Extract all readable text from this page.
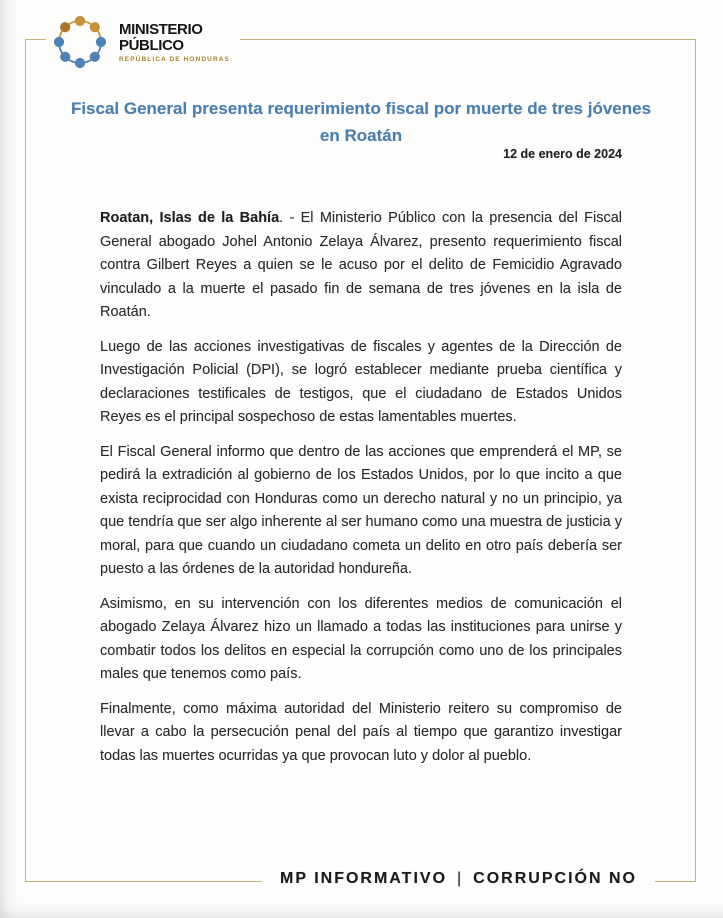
MINISTERIO
PÚBLICO
REPÚBLICA DE HONDURAS
Fiscal General presenta requerimiento fiscal por muerte de tres jóvenes en Roatán
12 de enero de 2024

Roatan, Islas de la Bahía. - El Ministerio Público con la presencia del Fiscal General abogado Johel Antonio Zelaya Álvarez, presento requerimiento fiscal contra Gilbert Reyes a quien se le acuso por el delito de Femicidio Agravado vinculado a la muerte el pasado fin de semana de tres jóvenes en la isla de Roatán.

Luego de las acciones investigativas de fiscales y agentes de la Dirección de Investigación Policial (DPI), se logró establecer mediante prueba científica y declaraciones testificales de testigos, que el ciudadano de Estados Unidos Reyes es el principal sospechoso de estas lamentables muertes.

El Fiscal General informo que dentro de las acciones que emprenderá el MP, se pedirá la extradición al gobierno de los Estados Unidos, por lo que incito a que exista reciprocidad con Honduras como un derecho natural y no un principio, ya que tendría que ser algo inherente al ser humano como una muestra de justicia y moral, para que cuando un ciudadano cometa un delito en otro país debería ser puesto a las órdenes de la autoridad hondureña.

Asimismo, en su intervención con los diferentes medios de comunicación el abogado Zelaya Álvarez hizo un llamado a todas las instituciones para unirse y combatir todos los delitos en especial la corrupción como uno de los principales males que tenemos como país.

Finalmente, como máxima autoridad del Ministerio reitero su compromiso de llevar a cabo la persecución penal del país al tiempo que garantizo investigar todas las muertes ocurridas ya que provocan luto y dolor al pueblo.

MP INFORMATIVO | CORRUPCIÓN NO
